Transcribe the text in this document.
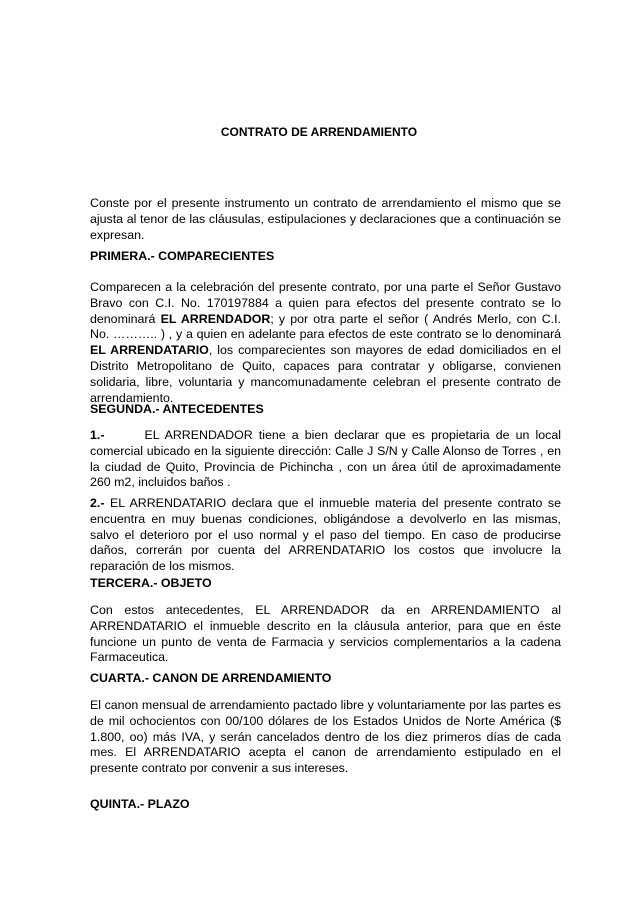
CONTRATO DE ARRENDAMIENTO

Conste por el presente instrumento un contrato de arrendamiento el mismo que se ajusta al tenor de las cláusulas, estipulaciones y declaraciones que a continuación se expresan.

PRIMERA.- COMPARECIENTES

Comparecen a la celebración del presente contrato, por una parte el Señor Gustavo Bravo con C.I. No. 170197884 a quien para efectos del presente contrato se lo denominará EL ARRENDADOR; y por otra parte el señor ( Andrés Merlo, con C.I. No. ……….. ) , y a quien en adelante para efectos de este contrato se lo denominará EL ARRENDATARIO, los comparecientes son mayores de edad domiciliados en el Distrito Metropolitano de Quito, capaces para contratar y obligarse, convienen solidaria, libre, voluntaria y mancomunadamente celebran el presente contrato de arrendamiento.

SEGUNDA.- ANTECEDENTES

1.-	EL ARRENDADOR tiene a bien declarar que es propietaria de un local comercial ubicado en la siguiente dirección: Calle J S/N y Calle Alonso de Torres , en la ciudad de Quito, Provincia de Pichincha , con un área útil de aproximadamente 260 m2, incluidos baños .

2.- EL ARRENDATARIO declara que el inmueble materia del presente contrato se encuentra en muy buenas condiciones, obligándose a devolverlo en las mismas, salvo el deterioro por el uso normal y el paso del tiempo. En caso de producirse daños, correrán por cuenta del ARRENDATARIO los costos que involucre la reparación de los mismos.

TERCERA.- OBJETO

Con estos antecedentes, EL ARRENDADOR da en ARRENDAMIENTO al ARRENDATARIO el inmueble descrito en la cláusula anterior, para que en éste funcione un punto de venta de Farmacia y servicios complementarios a la cadena Farmaceutica.

CUARTA.- CANON DE ARRENDAMIENTO

El canon mensual de arrendamiento pactado libre y voluntariamente por las partes es de mil ochocientos con 00/100 dólares de los Estados Unidos de Norte América ($ 1.800, oo) más IVA, y serán cancelados dentro de los diez primeros días de cada mes. El ARRENDATARIO acepta el canon de arrendamiento estipulado en el presente contrato por convenir a sus intereses.

QUINTA.- PLAZO
